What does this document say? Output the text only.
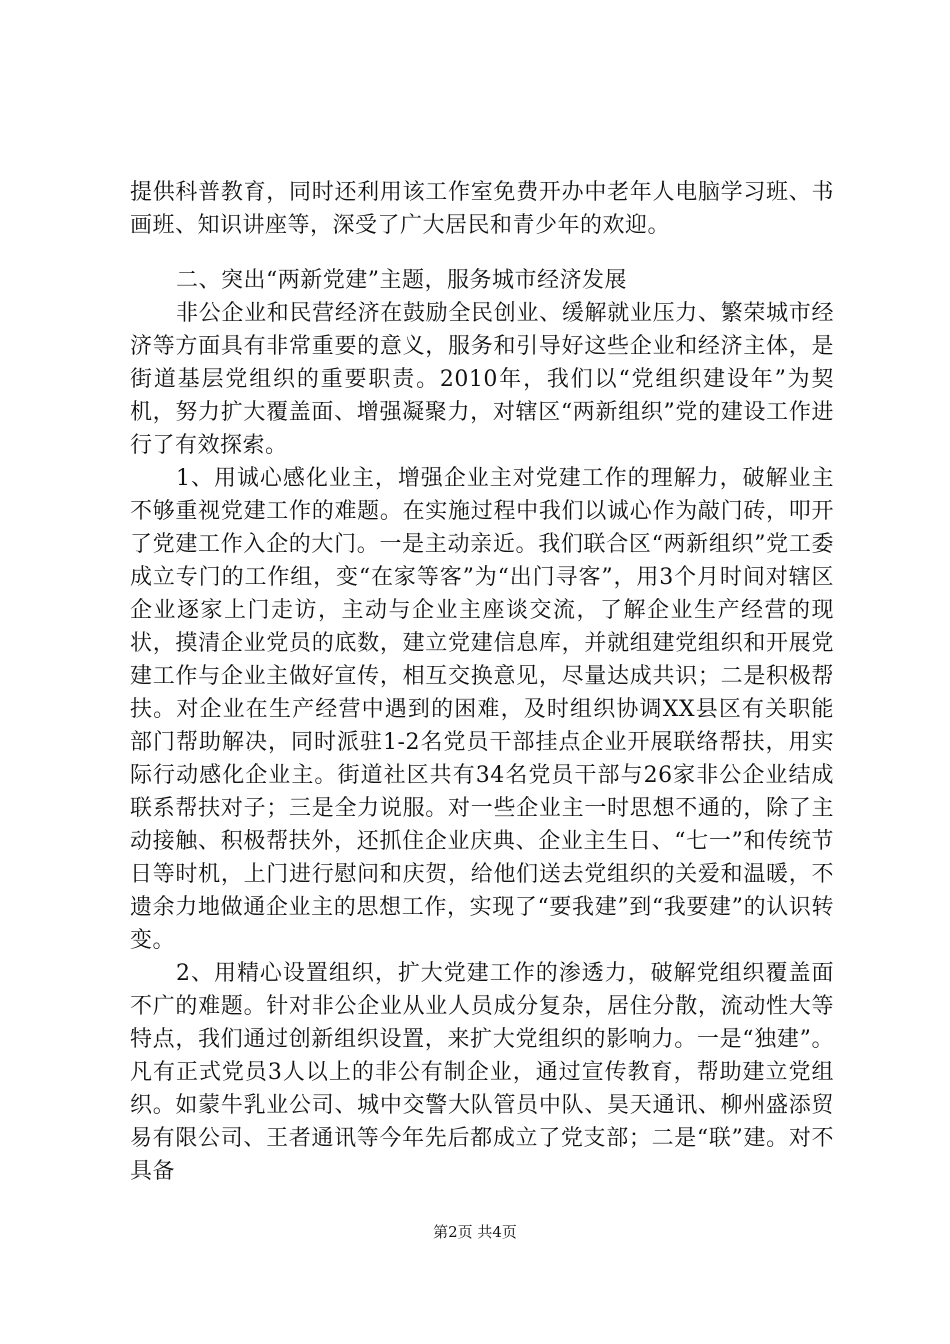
提供科普教育，同时还利用该工作室免费开办中老年人电脑学习班、书画班、知识讲座等，深受了广大居民和青少年的欢迎。

二、突出“两新党建”主题，服务城市经济发展

非公企业和民营经济在鼓励全民创业、缓解就业压力、繁荣城市经济等方面具有非常重要的意义，服务和引导好这些企业和经济主体，是街道基层党组织的重要职责。2010年，我们以“党组织建设年”为契机，努力扩大覆盖面、增强凝聚力，对辖区“两新组织”党的建设工作进行了有效探索。

1、用诚心感化业主，增强企业主对党建工作的理解力，破解业主不够重视党建工作的难题。在实施过程中我们以诚心作为敲门砖，叩开了党建工作入企的大门。一是主动亲近。我们联合区“两新组织”党工委成立专门的工作组，变“在家等客”为“出门寻客”，用3个月时间对辖区企业逐家上门走访，主动与企业主座谈交流，了解企业生产经营的现状，摸清企业党员的底数，建立党建信息库，并就组建党组织和开展党建工作与企业主做好宣传，相互交换意见，尽量达成共识；二是积极帮扶。对企业在生产经营中遇到的困难，及时组织协调XX县区有关职能部门帮助解决，同时派驻1-2名党员干部挂点企业开展联络帮扶，用实际行动感化企业主。街道社区共有34名党员干部与26家非公企业结成联系帮扶对子；三是全力说服。对一些企业主一时思想不通的，除了主动接触、积极帮扶外，还抓住企业庆典、企业主生日、“七一”和传统节日等时机，上门进行慰问和庆贺，给他们送去党组织的关爱和温暖，不遗余力地做通企业主的思想工作，实现了“要我建”到“我要建”的认识转变。

2、用精心设置组织，扩大党建工作的渗透力，破解党组织覆盖面不广的难题。针对非公企业从业人员成分复杂，居住分散，流动性大等特点，我们通过创新组织设置，来扩大党组织的影响力。一是“独建”。凡有正式党员3人以上的非公有制企业，通过宣传教育，帮助建立党组织。如蒙牛乳业公司、城中交警大队管员中队、昊天通讯、柳州盛添贸易有限公司、王者通讯等今年先后都成立了党支部；二是“联”建。对不具备

第2页 共4页
